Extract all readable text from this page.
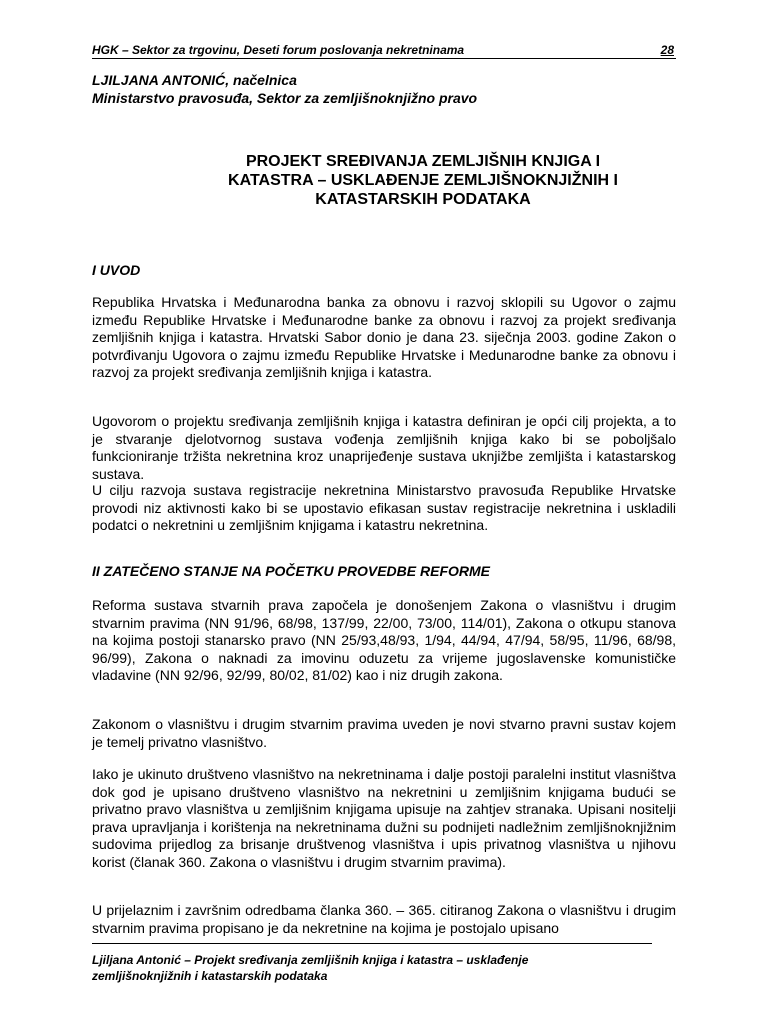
HGK – Sektor za trgovinu, Deseti forum poslovanja nekretninama	28
LJILJANA ANTONIĆ, načelnica
Ministarstvo pravosuđa, Sektor za zemljišnoknjižno pravo
PROJEKT SREĐIVANJA ZEMLJIŠNIH KNJIGA I
KATASTRA – USKLAĐENJE ZEMLJIŠNOKNJIŽNIH I
KATASTARSKIH PODATAKA
I UVOD
Republika Hrvatska i Međunarodna banka za obnovu i razvoj sklopili su Ugovor o zajmu između Republike Hrvatske i Međunarodne banke za obnovu i razvoj za projekt sređivanja zemljišnih knjiga i katastra. Hrvatski Sabor donio je dana 23. siječnja 2003. godine Zakon o potvrđivanju Ugovora o zajmu između Republike Hrvatske i Medunarodne banke za obnovu i razvoj za projekt sređivanja zemljišnih knjiga i katastra.
Ugovorom o projektu sređivanja zemljišnih knjiga i katastra definiran je opći cilj projekta, a to je stvaranje djelotvornog sustava vođenja zemljišnih knjiga kako bi se poboljšalo funkcioniranje tržišta nekretnina kroz unaprijeđenje sustava uknjižbe zemljišta i katastarskog sustava.
U cilju razvoja sustava registracije nekretnina Ministarstvo pravosuđa Republike Hrvatske provodi niz aktivnosti kako bi se upostavio efikasan sustav registracije nekretnina i uskladili podatci o nekretnini u zemljišnim knjigama i katastru nekretnina.
II ZATEČENO STANJE NA POČETKU PROVEDBE REFORME
Reforma sustava stvarnih prava započela je donošenjem Zakona o vlasništvu i drugim stvarnim pravima (NN 91/96, 68/98, 137/99, 22/00, 73/00, 114/01), Zakona o otkupu stanova na kojima postoji stanarsko pravo (NN 25/93,48/93, 1/94, 44/94, 47/94, 58/95, 11/96, 68/98, 96/99), Zakona o naknadi za imovinu oduzetu za vrijeme jugoslavenske komunističke vladavine (NN 92/96, 92/99, 80/02, 81/02) kao i niz drugih zakona.
Zakonom o vlasništvu i drugim stvarnim pravima uveden je novi stvarno pravni sustav kojem je temelj privatno vlasništvo.
Iako je ukinuto društveno vlasništvo na nekretninama i dalje postoji paralelni institut vlasništva dok god je upisano društveno vlasništvo na nekretnini u zemljišnim knjigama budući se privatno pravo vlasništva u zemljišnim knjigama upisuje na zahtjev stranaka. Upisani nositelji prava upravljanja i korištenja na nekretninama dužni su podnijeti nadležnim zemljišnoknjižnim sudovima prijedlog za brisanje društvenog vlasništva i upis privatnog vlasništva u njihovu korist (članak 360. Zakona o vlasništvu i drugim stvarnim pravima).
U prijelaznim i završnim odredbama članka 360. – 365. citiranog Zakona o vlasništvu i drugim stvarnim pravima propisano je da nekretnine na kojima je postojalo upisano
Ljiljana Antonić – Projekt sređivanja zemljišnih knjiga i katastra – usklađenje
zemljišnoknjižnih i katastarskih podataka
